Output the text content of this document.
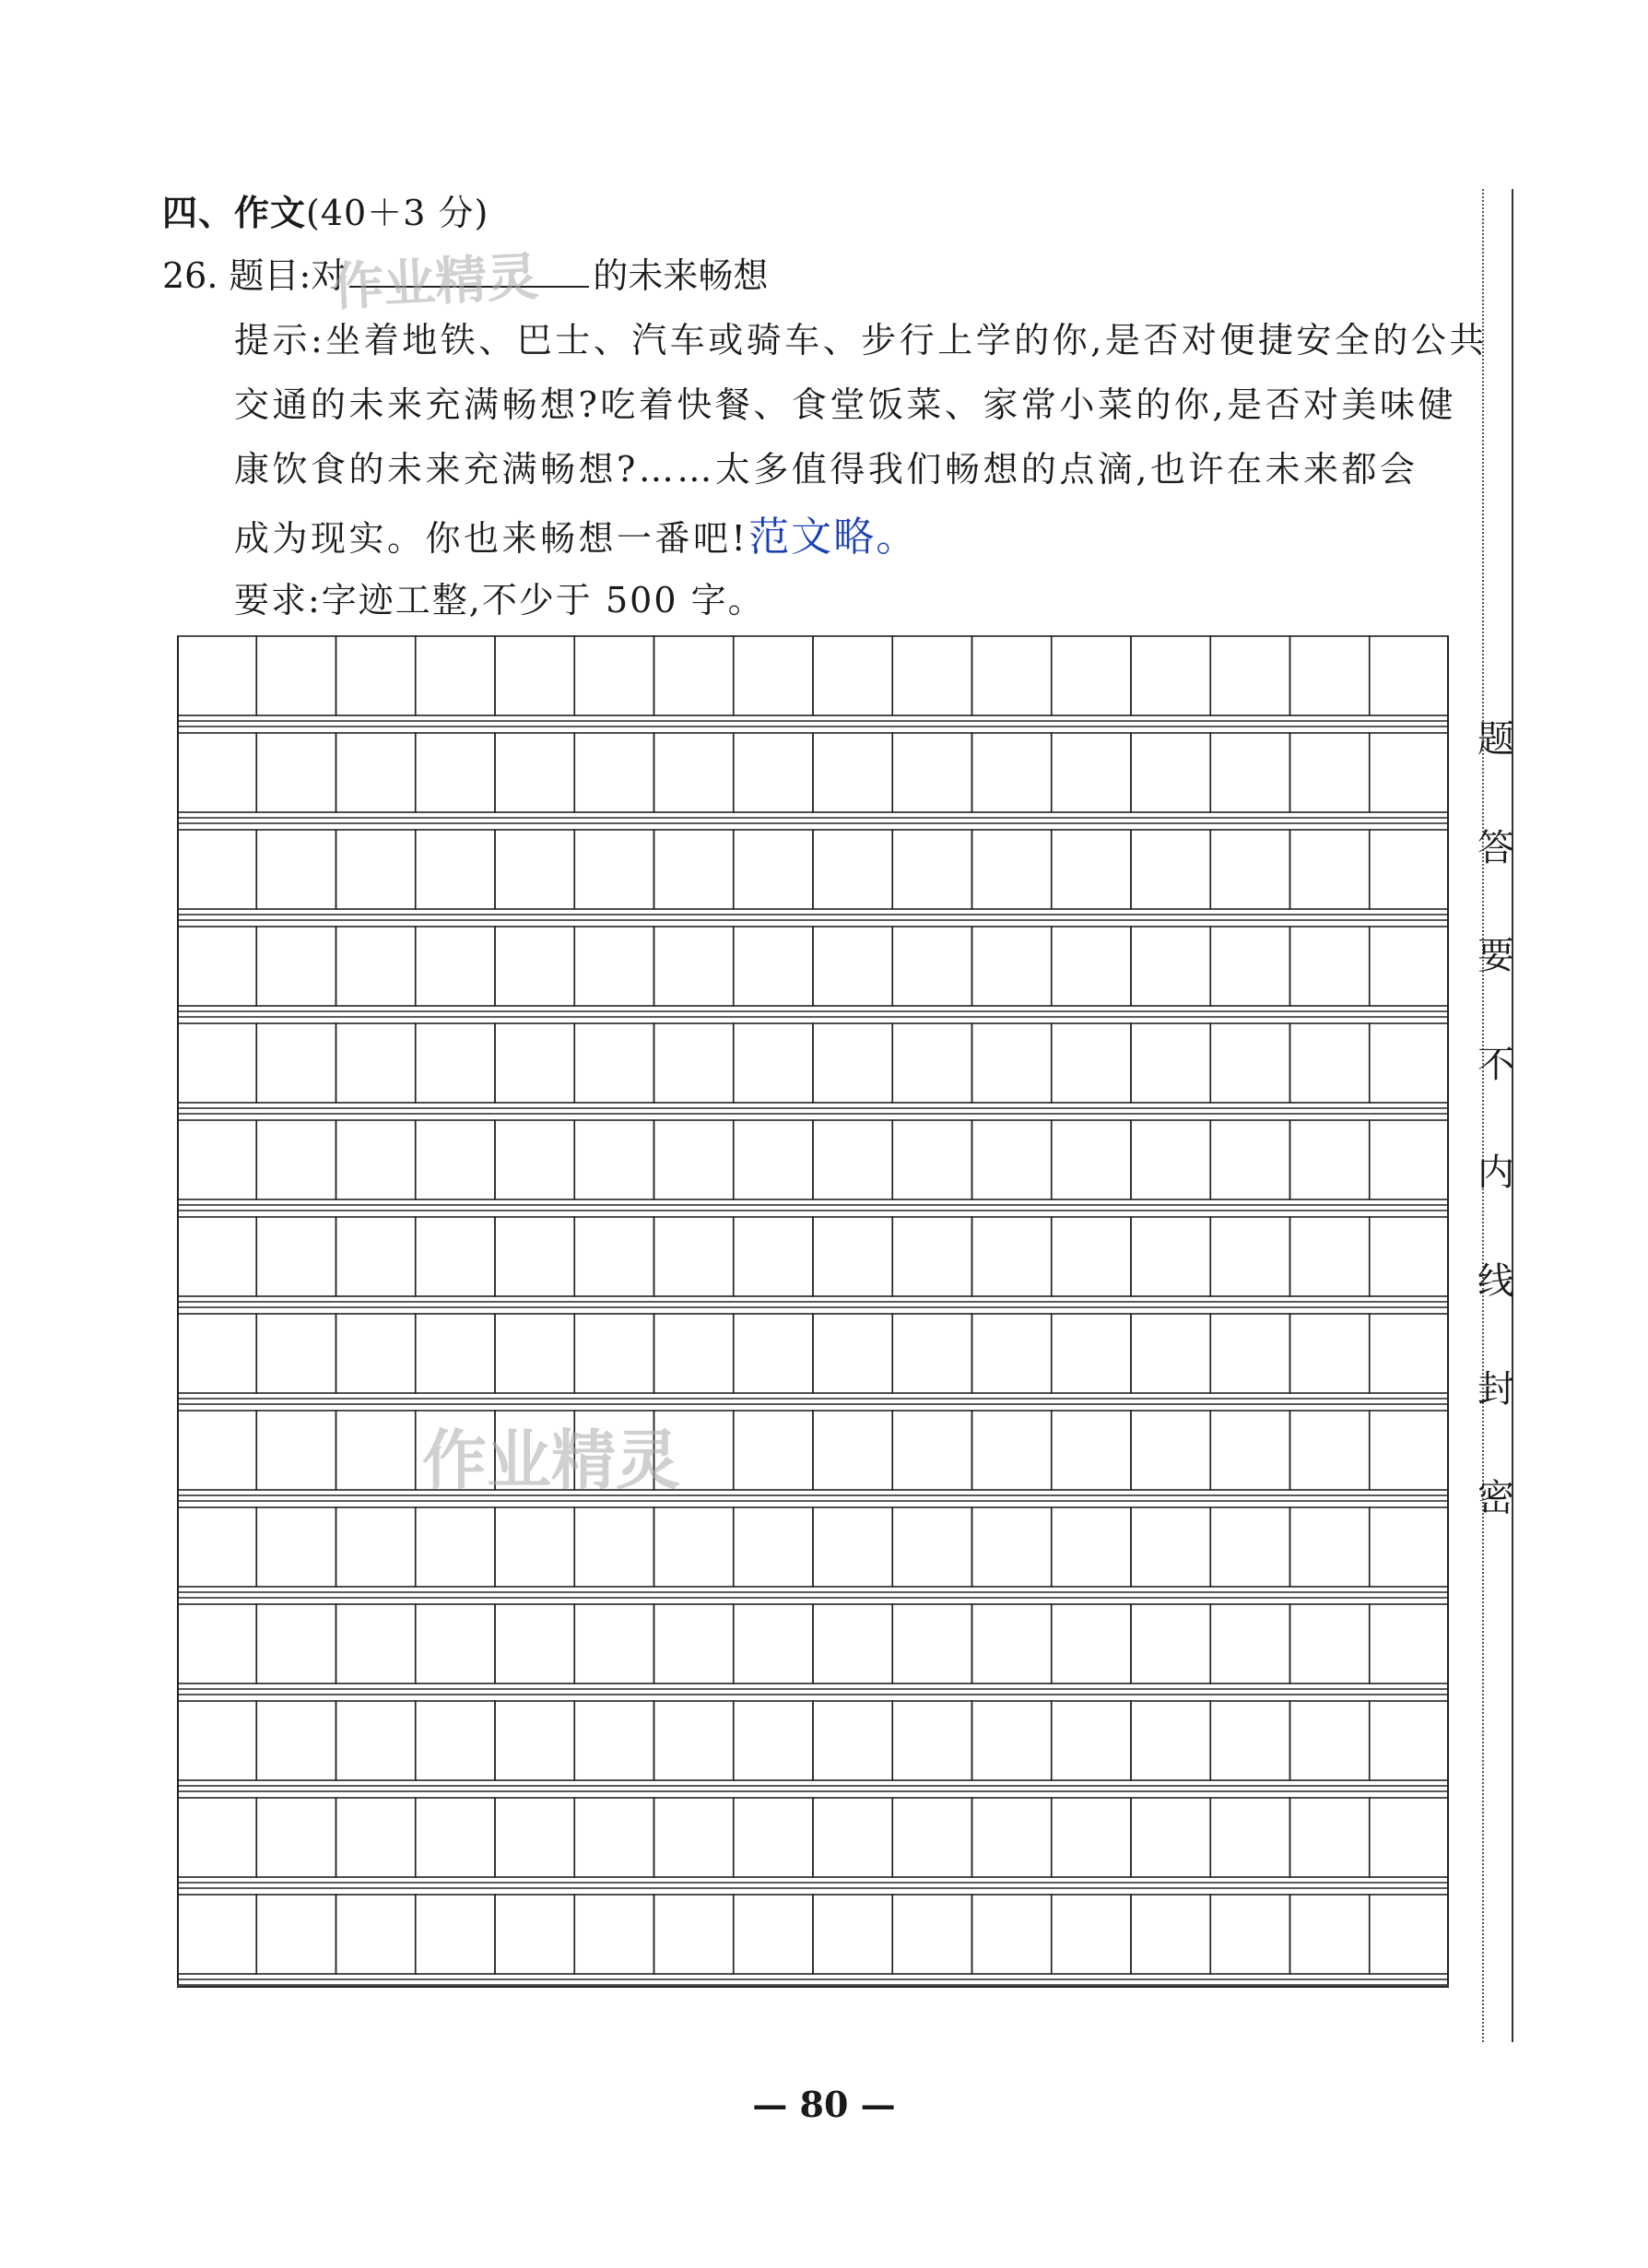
四、作文(40＋3 分)
26. 题目:对	的未来畅想
提示:坐着地铁、巴士、汽车或骑车、步行上学的你,是否对便捷安全的公共
交通的未来充满畅想?吃着快餐、食堂饭菜、家常小菜的你,是否对美味健
康饮食的未来充满畅想?……太多值得我们畅想的点滴,也许在未来都会
成为现实。你也来畅想一番吧!范文略。
要求:字迹工整,不少于 500 字。
题
答
要
不
内
线
封
密
作业精灵
作业精灵
— 80 —
